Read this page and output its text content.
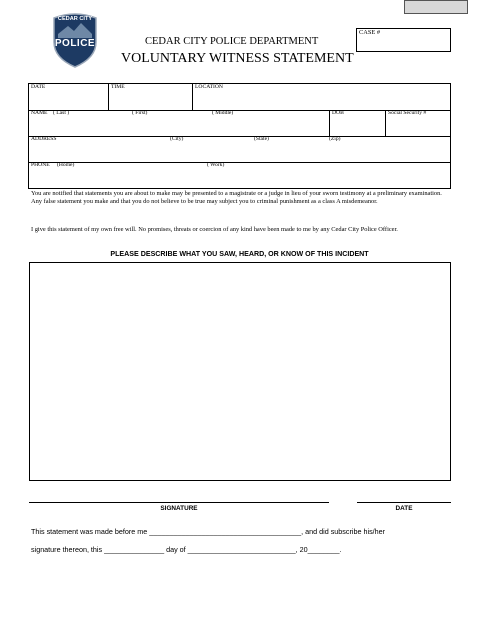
CEDAR CITY
POLICE	CEDAR CITY POLICE DEPARTMENT
VOLUNTARY WITNESS STATEMENT
CASE #
DATE	TIME	LOCATION
NAME ( Last )	( First)	( Middle)	DOB	Social Security #
ADDRESS	(City)	(State)	(Zip)
PHONE (Home)	( Work)
You are notified that statements you are about to make may be presented to a magistrate or a judge in lieu of your sworn testimony at a preliminary examination. Any false statement you make and that you do not believe to be true may subject you to criminal punishment as a class A misdemeanor.
I give this statement of my own free will. No promises, threats or coercion of any kind have been made to me by any Cedar City Police Officer.
PLEASE DESCRIBE WHAT YOU SAW, HEARD, OR KNOW OF THIS INCIDENT
SIGNATURE	DATE
This statement was made before me ______________________________________, and did subscribe his/her
signature thereon, this _______________ day of ___________________________, 20________.
